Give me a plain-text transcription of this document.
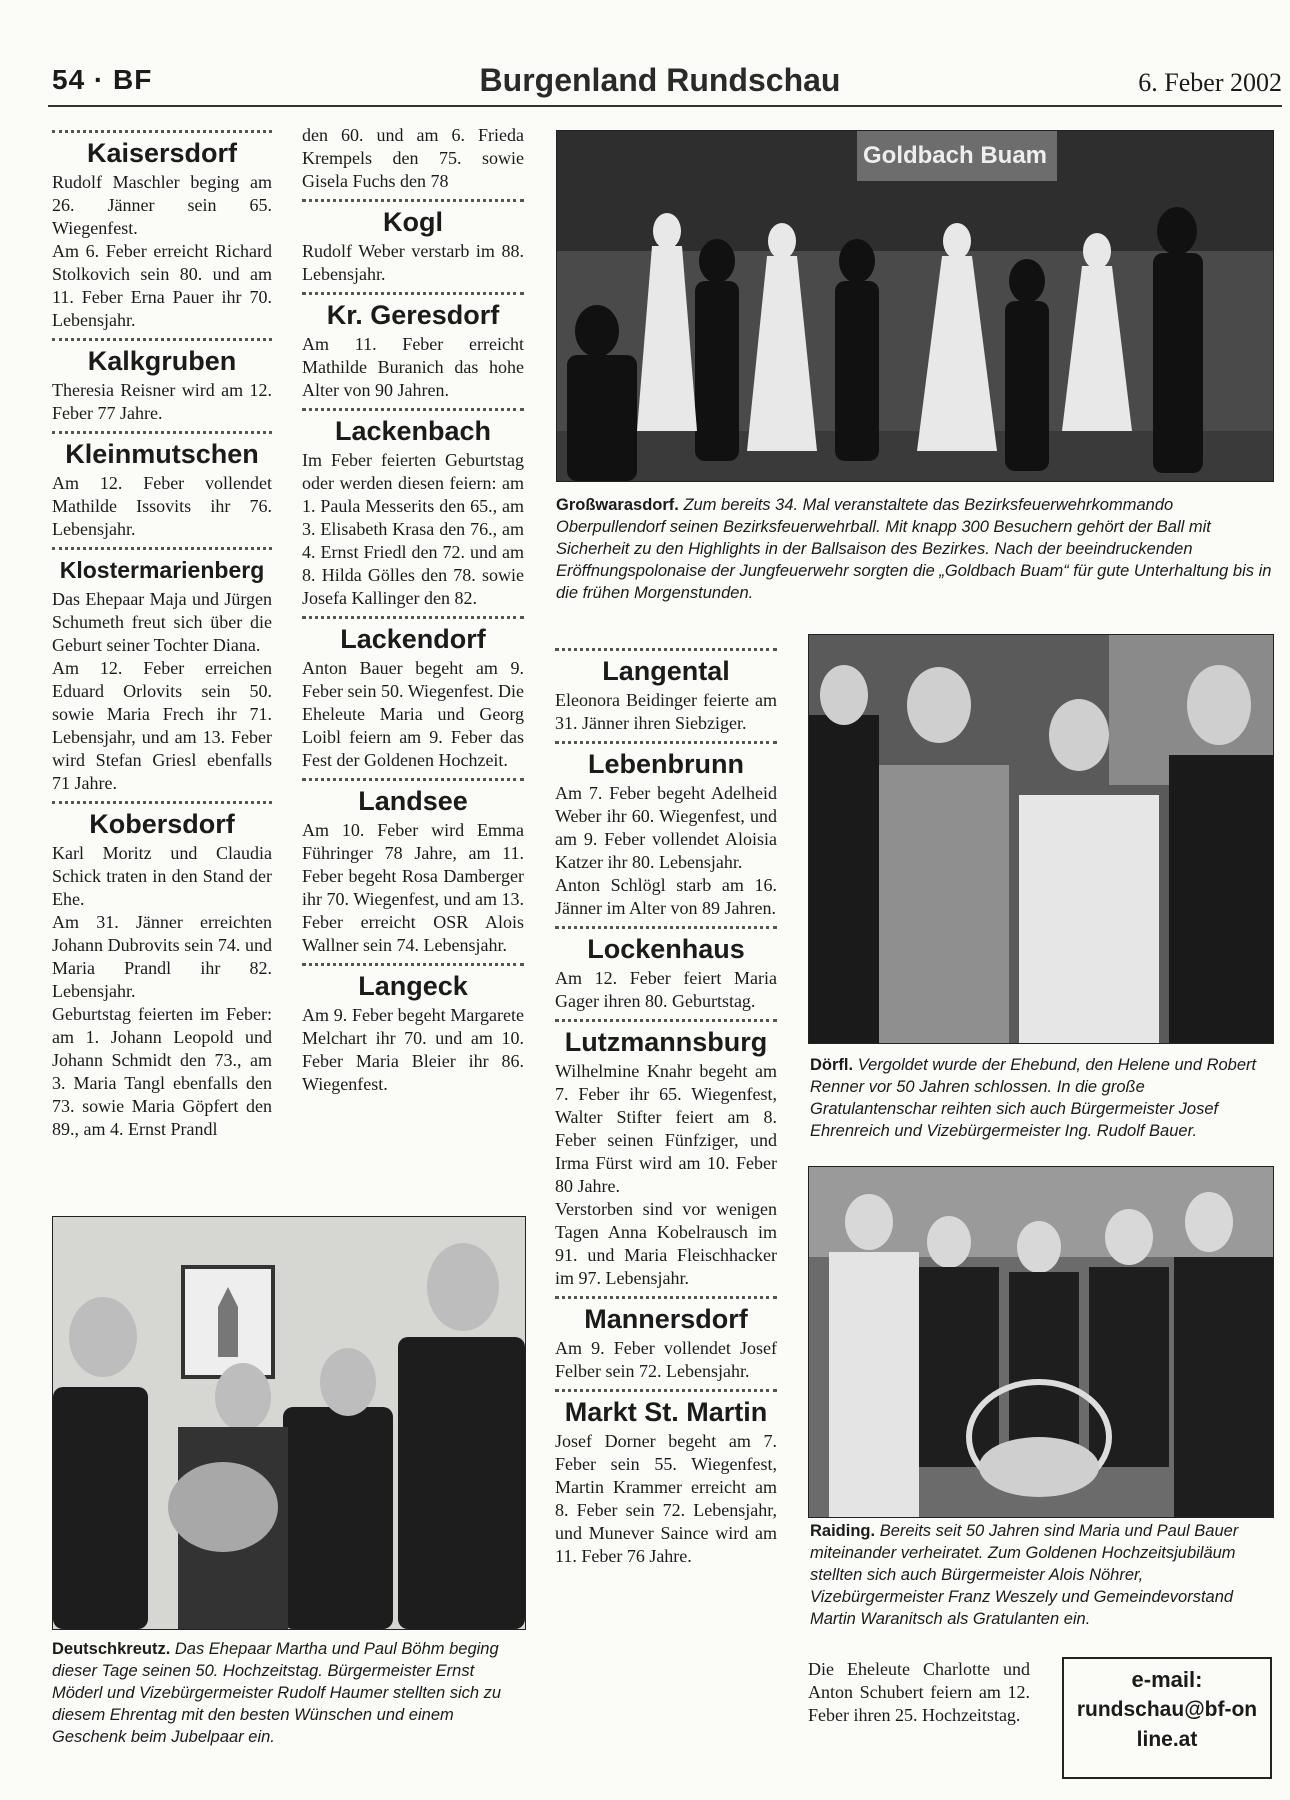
54 · BF	Burgenland Rundschau	6. Feber 2002
Kaisersdorf

Rudolf Maschler beging am 26. Jänner sein 65. Wiegenfest.

Am 6. Feber erreicht Richard Stolkovich sein 80. und am 11. Feber Erna Pauer ihr 70. Lebensjahr.

Kalkgruben

Theresia Reisner wird am 12. Feber 77 Jahre.

Kleinmutschen

Am 12. Feber vollendet Mathilde Issovits ihr 76. Lebensjahr.

Klostermarienberg

Das Ehepaar Maja und Jürgen Schumeth freut sich über die Geburt seiner Tochter Diana.

Am 12. Feber erreichen Eduard Orlovits sein 50. sowie Maria Frech ihr 71. Lebensjahr, und am 13. Feber wird Stefan Griesl ebenfalls 71 Jahre.

Kobersdorf

Karl Moritz und Claudia Schick traten in den Stand der Ehe.

Am 31. Jänner erreichten Johann Dubrovits sein 74. und Maria Prandl ihr 82. Lebensjahr.

Geburtstag feierten im Feber: am 1. Johann Leopold und Johann Schmidt den 73., am 3. Maria Tangl ebenfalls den 73. sowie Maria Göpfert den 89., am 4. Ernst Prandl

den 60. und am 6. Frieda Krempels den 75. sowie Gisela Fuchs den 78

Kogl

Rudolf Weber verstarb im 88. Lebensjahr.

Kr. Geresdorf

Am 11. Feber erreicht Mathilde Buranich das hohe Alter von 90 Jahren.

Lackenbach

Im Feber feierten Geburtstag oder werden diesen feiern: am 1. Paula Messerits den 65., am 3. Elisabeth Krasa den 76., am 4. Ernst Friedl den 72. und am 8. Hilda Gölles den 78. sowie Josefa Kallinger den 82.

Lackendorf

Anton Bauer begeht am 9. Feber sein 50. Wiegenfest. Die Eheleute Maria und Georg Loibl feiern am 9. Feber das Fest der Goldenen Hochzeit.

Landsee

Am 10. Feber wird Emma Führinger 78 Jahre, am 11. Feber begeht Rosa Damberger ihr 70. Wiegenfest, und am 13. Feber erreicht OSR Alois Wallner sein 74. Lebensjahr.

Langeck

Am 9. Feber begeht Margarete Melchart ihr 70. und am 10. Feber Maria Bleier ihr 86. Wiegenfest.

Langental

Eleonora Beidinger feierte am 31. Jänner ihren Siebziger.

Lebenbrunn

Am 7. Feber begeht Adelheid Weber ihr 60. Wiegenfest, und am 9. Feber vollendet Aloisia Katzer ihr 80. Lebensjahr.

Anton Schlögl starb am 16. Jänner im Alter von 89 Jahren.

Lockenhaus

Am 12. Feber feiert Maria Gager ihren 80. Geburtstag.

Lutzmannsburg

Wilhelmine Knahr begeht am 7. Feber ihr 65. Wiegenfest, Walter Stifter feiert am 8. Feber seinen Fünfziger, und Irma Fürst wird am 10. Feber 80 Jahre.

Verstorben sind vor wenigen Tagen Anna Kobelrausch im 91. und Maria Fleischhacker im 97. Lebensjahr.

Mannersdorf

Am 9. Feber vollendet Josef Felber sein 72. Lebensjahr.

Markt St. Martin

Josef Dorner begeht am 7. Feber sein 55. Wiegenfest, Martin Krammer erreicht am 8. Feber sein 72. Lebensjahr, und Munever Saince wird am 11. Feber 76 Jahre.

Die Eheleute Charlotte und Anton Schubert feiern am 12. Feber ihren 25. Hochzeitstag.

Goldbach Buam
Großwarasdorf. Zum bereits 34. Mal veranstaltete das Bezirksfeuerwehrkommando Oberpullendorf seinen Bezirksfeuerwehrball. Mit knapp 300 Besuchern gehört der Ball mit Sicherheit zu den Highlights in der Ballsaison des Bezirkes. Nach der beeindruckenden Eröffnungspolonaise der Jungfeuerwehr sorgten die „Goldbach Buam“ für gute Unterhaltung bis in die frühen Morgenstunden.
Dörfl. Vergoldet wurde der Ehebund, den Helene und Robert Renner vor 50 Jahren schlossen. In die große Gratulantenschar reihten sich auch Bürgermeister Josef Ehrenreich und Vizebürgermeister Ing. Rudolf Bauer.
Raiding. Bereits seit 50 Jahren sind Maria und Paul Bauer miteinander verheiratet. Zum Goldenen Hochzeitsjubiläum stellten sich auch Bürgermeister Alois Nöhrer, Vizebürgermeister Franz Weszely und Gemeindevorstand Martin Waranitsch als Gratulanten ein.
Deutschkreutz. Das Ehepaar Martha und Paul Böhm beging dieser Tage seinen 50. Hochzeitstag. Bürgermeister Ernst Möderl und Vizebürgermeister Rudolf Haumer stellten sich zu diesem Ehrentag mit den besten Wünschen und einem Geschenk beim Jubelpaar ein.
e-mail:
rundschau@bf-online.at
